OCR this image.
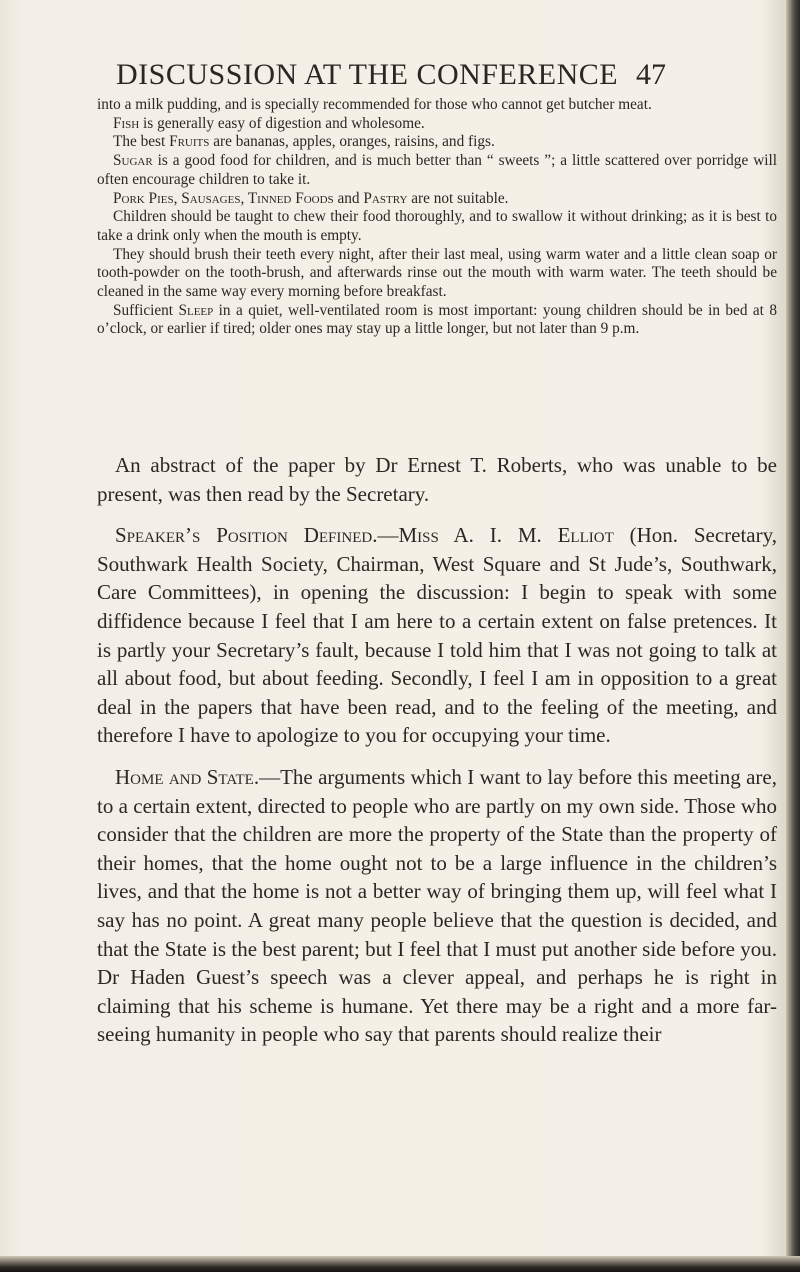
DISCUSSION AT THE CONFERENCE 47

into a milk pudding, and is specially recommended for those who cannot get butcher meat.

Fish is generally easy of digestion and wholesome.

The best Fruits are bananas, apples, oranges, raisins, and figs.

Sugar is a good food for children, and is much better than “ sweets ”; a little scattered over porridge will often encourage children to take it.

Pork Pies, Sausages, Tinned Foods and Pastry are not suitable.

Children should be taught to chew their food thoroughly, and to swallow it without drinking; as it is best to take a drink only when the mouth is empty.

They should brush their teeth every night, after their last meal, using warm water and a little clean soap or tooth-powder on the tooth-brush, and afterwards rinse out the mouth with warm water. The teeth should be cleaned in the same way every morning before breakfast.

Sufficient Sleep in a quiet, well-ventilated room is most important: young children should be in bed at 8 o’clock, or earlier if tired; older ones may stay up a little longer, but not later than 9 p.m.

An abstract of the paper by Dr Ernest T. Roberts, who was unable to be present, was then read by the Secretary.

Speaker’s Position Defined.—Miss A. I. M. Elliot (Hon. Secretary, Southwark Health Society, Chairman, West Square and St Jude’s, Southwark, Care Committees), in opening the discussion: I begin to speak with some diffidence because I feel that I am here to a certain extent on false pretences. It is partly your Secretary’s fault, because I told him that I was not going to talk at all about food, but about feeding. Secondly, I feel I am in opposition to a great deal in the papers that have been read, and to the feeling of the meeting, and therefore I have to apologize to you for occupying your time.

Home and State.—The arguments which I want to lay before this meeting are, to a certain extent, directed to people who are partly on my own side. Those who consider that the children are more the property of the State than the property of their homes, that the home ought not to be a large influence in the children’s lives, and that the home is not a better way of bringing them up, will feel what I say has no point. A great many people believe that the question is decided, and that the State is the best parent; but I feel that I must put another side before you. Dr Haden Guest’s speech was a clever appeal, and perhaps he is right in claiming that his scheme is humane. Yet there may be a right and a more far-seeing humanity in people who say that parents should realize their
